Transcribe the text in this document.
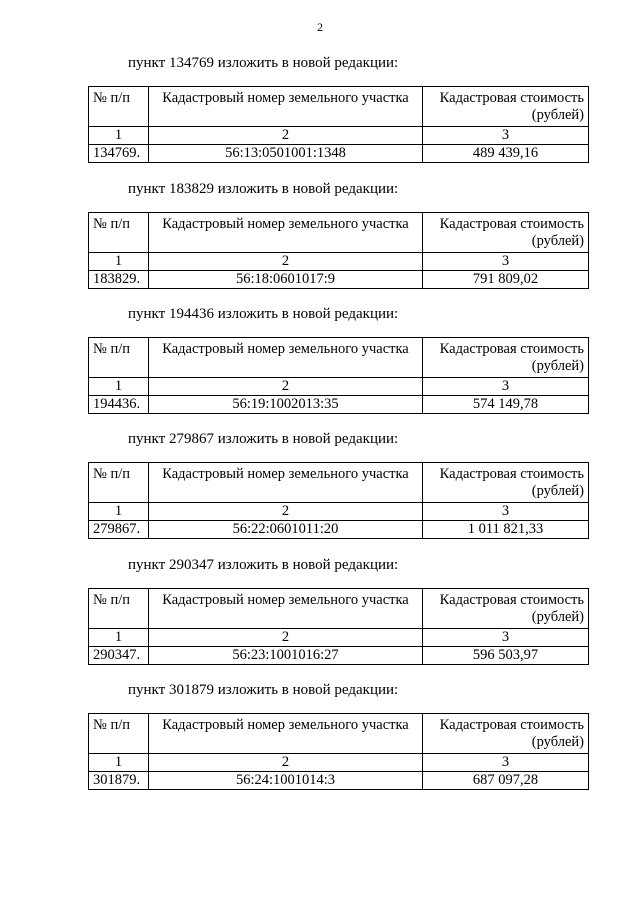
2
пункт 134769 изложить в новой редакции:
№ п/п	Кадастровый номер земельного участка	Кадастровая стоимость (рублей)
1	2	3
134769.	56:13:0501001:1348	489 439,16
пункт 183829 изложить в новой редакции:
№ п/п	Кадастровый номер земельного участка	Кадастровая стоимость (рублей)
1	2	3
183829.	56:18:0601017:9	791 809,02
пункт 194436 изложить в новой редакции:
№ п/п	Кадастровый номер земельного участка	Кадастровая стоимость (рублей)
1	2	3
194436.	56:19:1002013:35	574 149,78
пункт 279867 изложить в новой редакции:
№ п/п	Кадастровый номер земельного участка	Кадастровая стоимость (рублей)
1	2	3
279867.	56:22:0601011:20	1 011 821,33
пункт 290347 изложить в новой редакции:
№ п/п	Кадастровый номер земельного участка	Кадастровая стоимость (рублей)
1	2	3
290347.	56:23:1001016:27	596 503,97
пункт 301879 изложить в новой редакции:
№ п/п	Кадастровый номер земельного участка	Кадастровая стоимость (рублей)
1	2	3
301879.	56:24:1001014:3	687 097,28
